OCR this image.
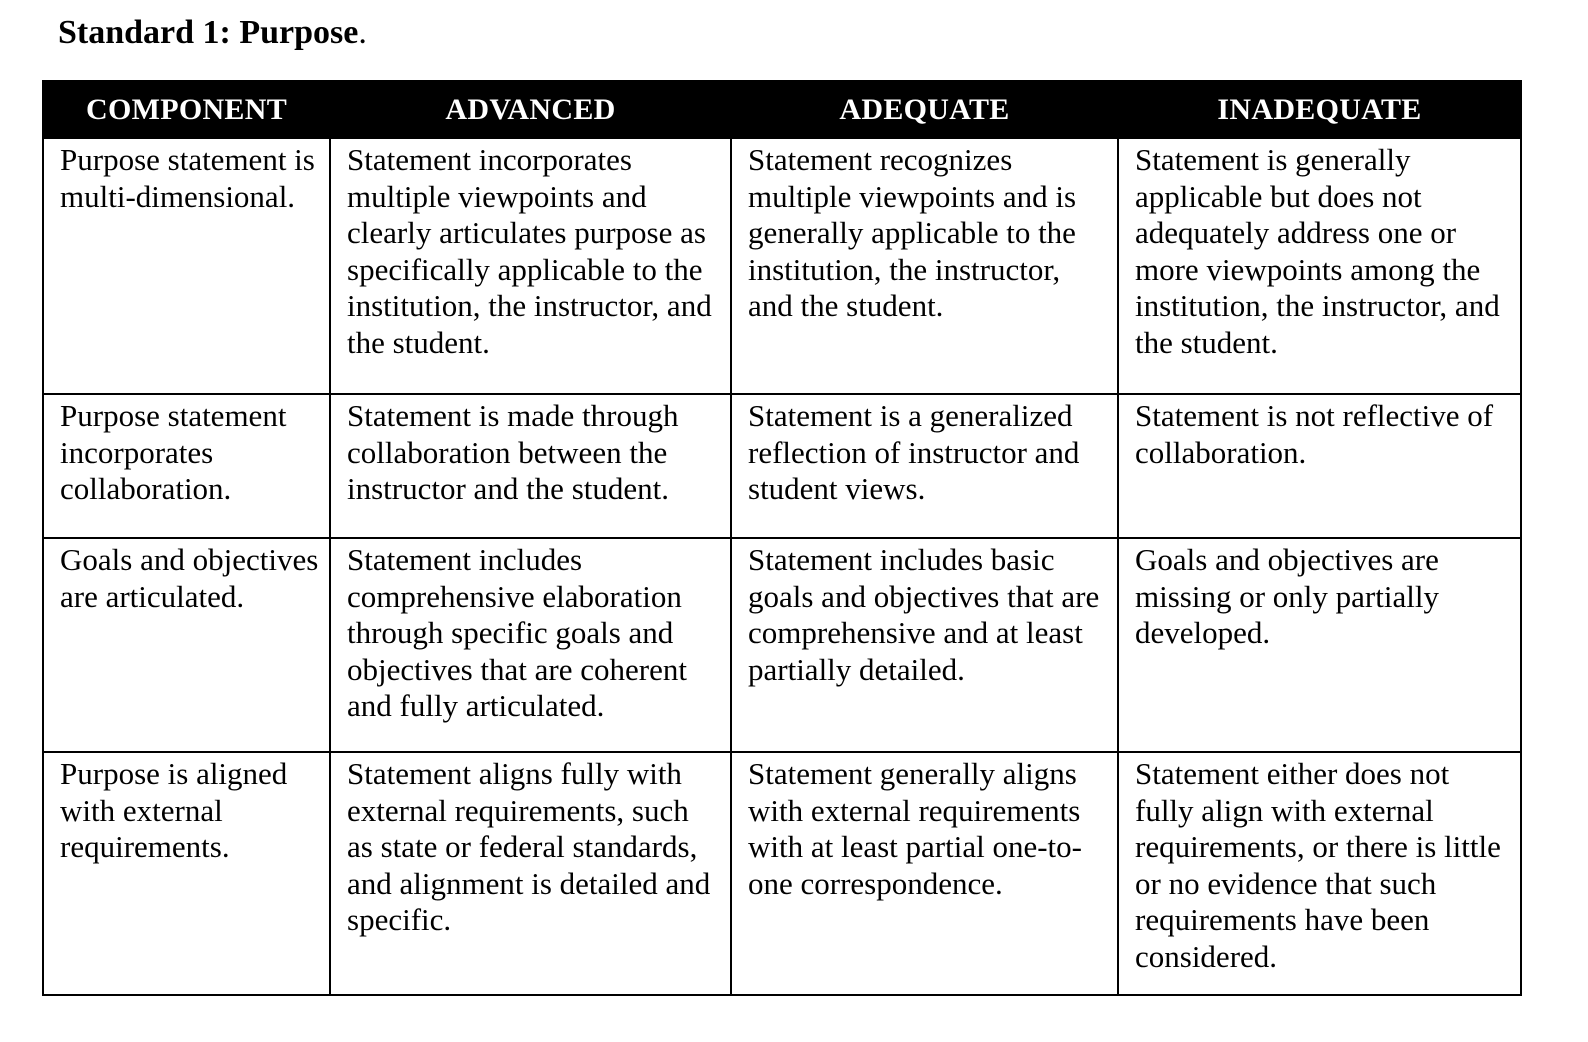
Standard 1: Purpose.
COMPONENT	ADVANCED	ADEQUATE	INADEQUATE
Purpose statement is multi-dimensional.	Statement incorporates multiple viewpoints and clearly articulates purpose as specifically applicable to the institution, the instructor, and the student.	Statement recognizes multiple viewpoints and is generally applicable to the institution, the instructor, and the student.	Statement is generally applicable but does not adequately address one or more viewpoints among the institution, the instructor, and the student.
Purpose statement incorporates collaboration.	Statement is made through collaboration between the instructor and the student.	Statement is a generalized reflection of instructor and student views.	Statement is not reflective of collaboration.
Goals and objectives are articulated.	Statement includes comprehensive elaboration through specific goals and objectives that are coherent and fully articulated.	Statement includes basic goals and objectives that are comprehensive and at least partially detailed.	Goals and objectives are missing or only partially developed.
Purpose is aligned with external requirements.	Statement aligns fully with external requirements, such as state or federal standards, and alignment is detailed and specific.	Statement generally aligns with external requirements with at least partial one-to-one correspondence.	Statement either does not fully align with external requirements, or there is little or no evidence that such requirements have been considered.
